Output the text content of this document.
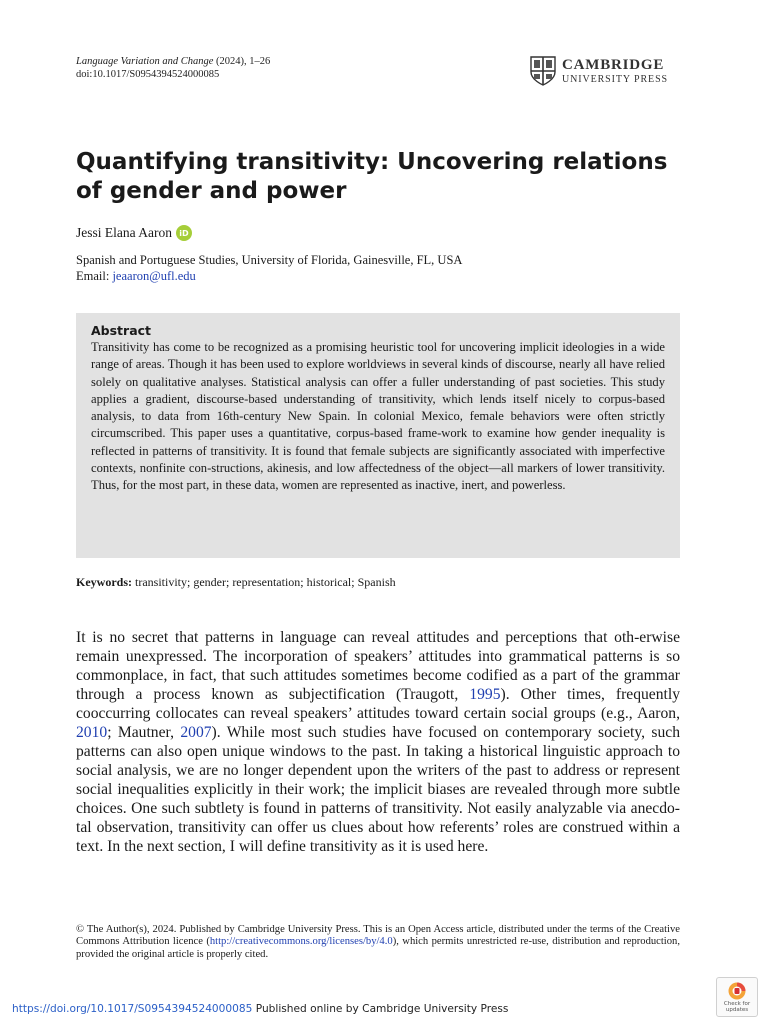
Language Variation and Change (2024), 1–26
doi:10.1017/S0954394524000085
CAMBRIDGE
UNIVERSITY PRESS
Quantifying transitivity: Uncovering relations of gender and power
Jessi Elana Aaron iD
Spanish and Portuguese Studies, University of Florida, Gainesville, FL, USA
Email: jeaaron@ufl.edu
Abstract

Transitivity has come to be recognized as a promising heuristic tool for uncovering implicit ideologies in a wide range of areas. Though it has been used to explore worldviews in several kinds of discourse, nearly all have relied solely on qualitative analyses. Statistical analysis can offer a fuller understanding of past societies. This study applies a gradient, discourse-based understanding of transitivity, which lends itself nicely to corpus-based analysis, to data from 16th-century New Spain. In colonial Mexico, female behaviors were often strictly circumscribed. This paper uses a quantitative, corpus-based frame-work to examine how gender inequality is reflected in patterns of transitivity. It is found that female subjects are significantly associated with imperfective contexts, nonfinite con-structions, akinesis, and low affectedness of the object—all markers of lower transitivity. Thus, for the most part, in these data, women are represented as inactive, inert, and powerless.

Keywords: transitivity; gender; representation; historical; Spanish

It is no secret that patterns in language can reveal attitudes and perceptions that oth-erwise remain unexpressed. The incorporation of speakers’ attitudes into grammatical patterns is so commonplace, in fact, that such attitudes sometimes become codified as a part of the grammar through a process known as subjectification (Traugott, 1995). Other times, frequently cooccurring collocates can reveal speakers’ attitudes toward certain social groups (e.g., Aaron, 2010; Mautner, 2007). While most such studies have focused on contemporary society, such patterns can also open unique windows to the past. In taking a historical linguistic approach to social analysis, we are no longer dependent upon the writers of the past to address or represent social inequalities explicitly in their work; the implicit biases are revealed through more subtle choices. One such subtlety is found in patterns of transitivity. Not easily analyzable via anecdo-tal observation, transitivity can offer us clues about how referents’ roles are construed within a text. In the next section, I will define transitivity as it is used here.

© The Author(s), 2024. Published by Cambridge University Press. This is an Open Access article, distributed under the terms of the Creative Commons Attribution licence (http://creativecommons.org/licenses/by/4.0), which permits unrestricted re-use, distribution and reproduction, provided the original article is properly cited.

https://doi.org/10.1017/S0954394524000085 Published online by Cambridge University Press	Check for
updates
